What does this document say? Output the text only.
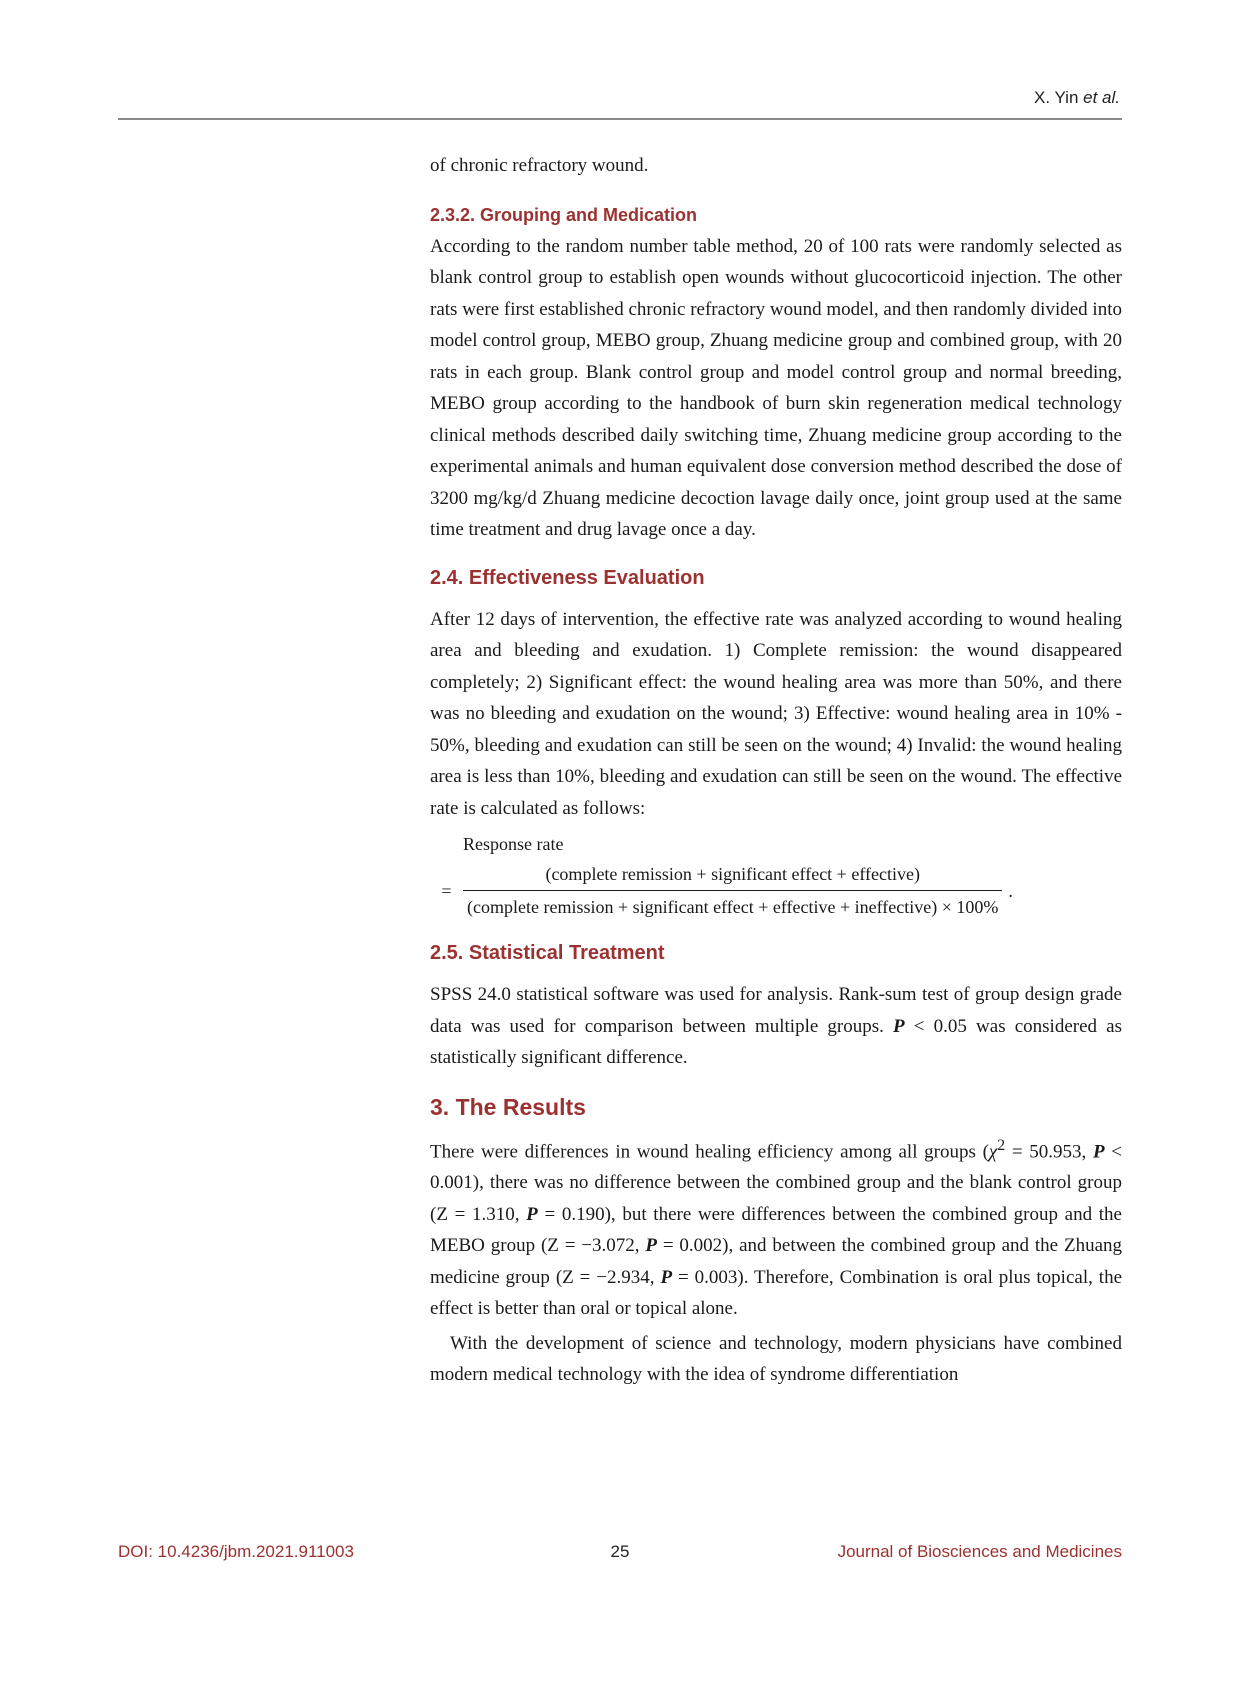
X. Yin et al.

of chronic refractory wound.

2.3.2. Grouping and Medication

According to the random number table method, 20 of 100 rats were randomly selected as blank control group to establish open wounds without glucocorticoid injection. The other rats were first established chronic refractory wound model, and then randomly divided into model control group, MEBO group, Zhuang medicine group and combined group, with 20 rats in each group. Blank control group and model control group and normal breeding, MEBO group according to the handbook of burn skin regeneration medical technology clinical methods described daily switching time, Zhuang medicine group according to the experimental animals and human equivalent dose conversion method described the dose of 3200 mg/kg/d Zhuang medicine decoction lavage daily once, joint group used at the same time treatment and drug lavage once a day.

2.4. Effectiveness Evaluation

After 12 days of intervention, the effective rate was analyzed according to wound healing area and bleeding and exudation. 1) Complete remission: the wound disappeared completely; 2) Significant effect: the wound healing area was more than 50%, and there was no bleeding and exudation on the wound; 3) Effective: wound healing area in 10% - 50%, bleeding and exudation can still be seen on the wound; 4) Invalid: the wound healing area is less than 10%, bleeding and exudation can still be seen on the wound. The effective rate is calculated as follows:

Response rate
=
(complete remission + significant effect + effective)
(complete remission + significant effect + effective + ineffective) × 100%
.
2.5. Statistical Treatment

SPSS 24.0 statistical software was used for analysis. Rank-sum test of group design grade data was used for comparison between multiple groups. P < 0.05 was considered as statistically significant difference.

3. The Results

There were differences in wound healing efficiency among all groups ($\chi^2 = 50.953$, P < 0.001), there was no difference between the combined group and the blank control group (Z = 1.310, P = 0.190), but there were differences between the combined group and the MEBO group (Z = −3.072, P = 0.002), and between the combined group and the Zhuang medicine group (Z = −2.934, P = 0.003). Therefore, Combination is oral plus topical, the effect is better than oral or topical alone.

With the development of science and technology, modern physicians have combined modern medical technology with the idea of syndrome differentiation

DOI: 10.4236/jbm.2021.911003	25	Journal of Biosciences and Medicines
